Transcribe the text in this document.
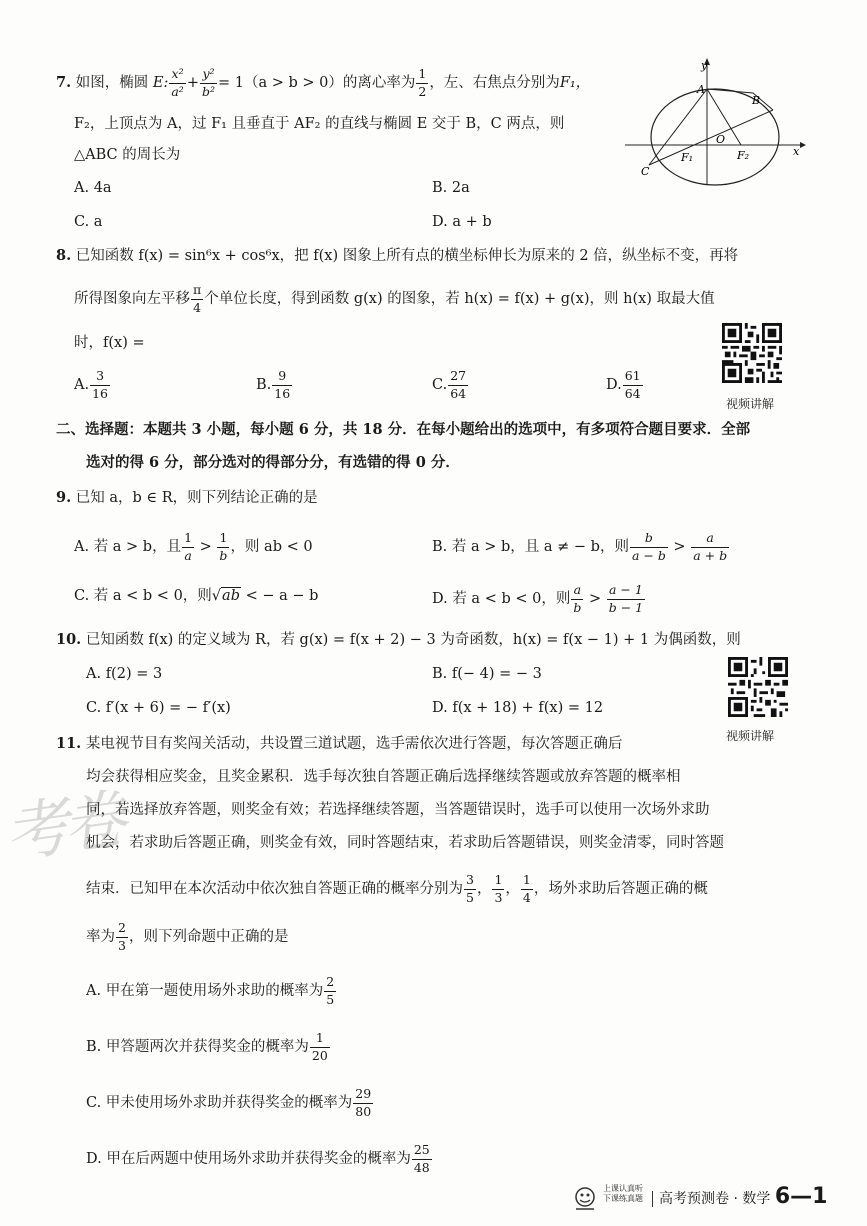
7. 如图，椭圆 E: $\frac{\text{x²}}{\text{a²}} + \frac{\text{y²}}{\text{b²}} = 1(a > b > 0)$的离心率为 $\frac{1}{2}$ ，左、右焦点分别为F₁，
F₂，上顶点为 A，过 F₁ 且垂直于 AF₂ 的直线与椭圆 E 交于 B，C 两点，则
△ABC 的周长为
A. 4a	B. 2a
C. a	D. a + b
y
x
A
B
C
O
F₁	F₂
8. 已知函数 f(x) = sin⁶x + cos⁶x，把 f(x) 图象上所有点的横坐标伸长为原来的 2 倍，纵坐标不变，再将
所得图象向左平移 $\frac{\pi}{4}$ 个单位长度，得到函数 g(x) 的图象，若 h(x) = f(x) + g(x)，则 h(x) 取最大值
时，f(x) =
A. $\frac{3}{16}$	B. $\frac{9}{16}$	C. $\frac{27}{64}$	D. $\frac{61}{64}$
视频讲解
二、选择题：本题共 3 小题，每小题 6 分，共 18 分．在每小题给出的选项中，有多项符合题目要求．全部
选对的得 6 分，部分选对的得部分分，有选错的得 0 分．
9. 已知 a，b ∈ R，则下列结论正确的是
A. 若 a > b，且 $\frac{1}{a} > \frac{1}{b}$ ，则 ab < 0	B. 若 a > b，且 a ≠ − b，则 $\frac{b}{a - b} > \frac{a}{a + b}$
C. 若 a < b < 0，则√ab < − a − b	D. 若 a < b < 0，则 $\frac{a}{b} > \frac{a - 1}{b - 1}$
10. 已知函数 f(x) 的定义域为 R，若 g(x) = f(x + 2) − 3 为奇函数，h(x) = f(x − 1) + 1 为偶函数，则
A. f(2) = 3	B. f(− 4) = − 3
C. f′(x + 6) = − f′(x)	D. f(x + 18) + f(x) = 12
视频讲解
考卷
11. 某电视节目有奖闯关活动，共设置三道试题，选手需依次进行答题，每次答题正确后
均会获得相应奖金，且奖金累积．选手每次独自答题正确后选择继续答题或放弃答题的概率相
同，若选择放弃答题，则奖金有效；若选择继续答题，当答题错误时，选手可以使用一次场外求助
机会，若求助后答题正确，则奖金有效，同时答题结束，若求助后答题错误，则奖金清零，同时答题
结束．已知甲在本次活动中依次独自答题正确的概率分别为 $\frac{3}{5}$ ， $\frac{1}{3}$ ， $\frac{1}{4}$ ，场外求助后答题正确的概
率为 $\frac{2}{3}$ ，则下列命题中正确的是
A. 甲在第一题使用场外求助的概率为 $\frac{2}{5}$
B. 甲答题两次并获得奖金的概率为 $\frac{1}{20}$
C. 甲未使用场外求助并获得奖金的概率为 $\frac{29}{80}$
D. 甲在后两题中使用场外求助并获得奖金的概率为 $\frac{25}{48}$
上课认真听
下课练真题	高考预测卷 · 数学 6—1
